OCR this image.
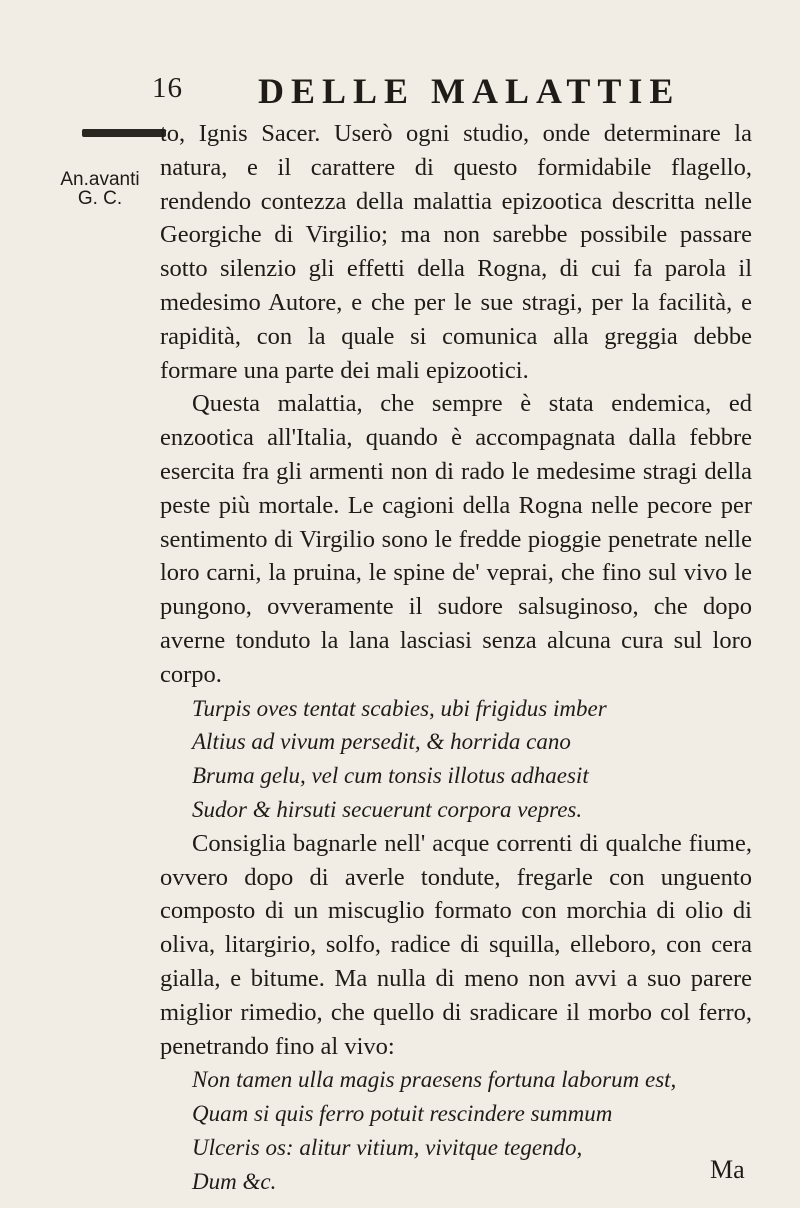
16 DELLE MALATTIE
An.avanti
G. C.

to, Ignis Sacer. Userò ogni studio, onde determinare la natura, e il carattere di questo formidabile flagello, rendendo contezza della malattia epizootica descritta nelle Georgiche di Virgilio; ma non sarebbe possibile passare sotto silenzio gli effetti della Rogna, di cui fa parola il medesimo Autore, e che per le sue stragi, per la facilità, e rapidità, con la quale si comunica alla greggia debbe formare una parte dei mali epizootici.

Questa malattia, che sempre è stata endemica, ed enzootica all'Italia, quando è accompagnata dalla febbre esercita fra gli armenti non di rado le medesime stragi della peste più mortale. Le cagioni della Rogna nelle pecore per sentimento di Virgilio sono le fredde pioggie penetrate nelle loro carni, la pruina, le spine de' veprai, che fino sul vivo le pungono, ovveramente il sudore salsuginoso, che dopo averne tonduto la lana lasciasi senza alcuna cura sul loro corpo.

Turpis oves tentat scabies, ubi frigidus imber

Altius ad vivum persedit, & horrida cano

Bruma gelu, vel cum tonsis illotus adhaesit

Sudor & hirsuti secuerunt corpora vepres.

Consiglia bagnarle nell' acque correnti di qualche fiume, ovvero dopo di averle tondute, fregarle con unguento composto di un miscuglio formato con morchia di olio di oliva, litargirio, solfo, radice di squilla, elleboro, con cera gialla, e bitume. Ma nulla di meno non avvi a suo parere miglior rimedio, che quello di sradicare il morbo col ferro, penetrando fino al vivo:

Non tamen ulla magis praesens fortuna laborum est,

Quam si quis ferro potuit rescindere summum

Ulceris os: alitur vitium, vivitque tegendo,

Dum &c.	Ma
